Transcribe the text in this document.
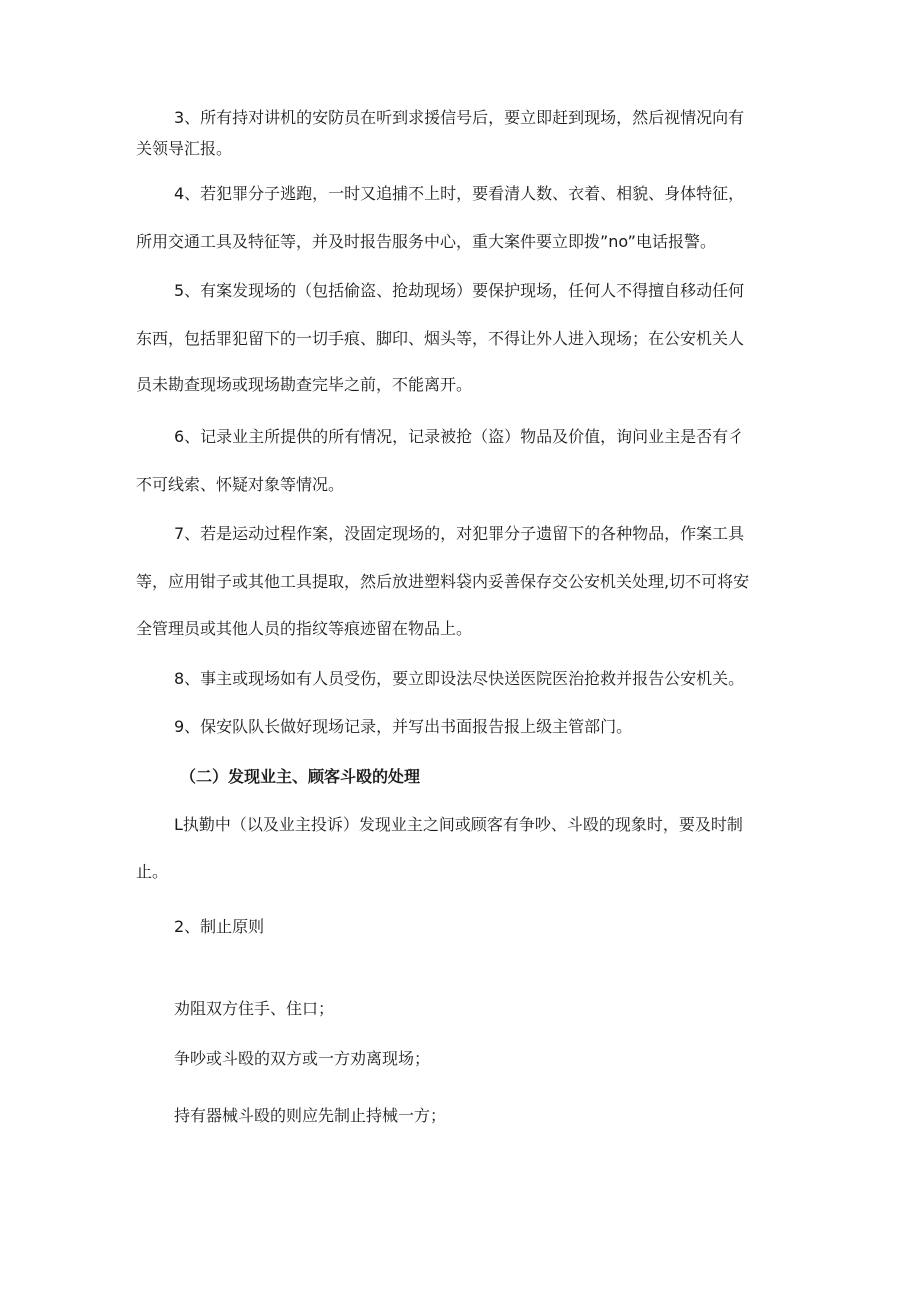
3、所有持对讲机的安防员在听到求援信号后，要立即赶到现场，然后视情况向有
关领导汇报。
4、若犯罪分子逃跑，一时又追捕不上时，要看清人数、衣着、相貌、身体特征，
所用交通工具及特征等，并及时报告服务中心，重大案件要立即拨”no”电话报警。
5、有案发现场的（包括偷盗、抢劫现场）要保护现场，任何人不得擅自移动任何
东西，包括罪犯留下的一切手痕、脚印、烟头等，不得让外人进入现场；在公安机关人
员未勘查现场或现场勘查完毕之前，不能离开。
6、记录业主所提供的所有情况，记录被抢（盗）物品及价值，询问业主是否有彳
不可线索、怀疑对象等情况。
7、若是运动过程作案，没固定现场的，对犯罪分子遗留下的各种物品，作案工具
等，应用钳子或其他工具提取，然后放进塑料袋内妥善保存交公安机关处理,切不可将安
全管理员或其他人员的指纹等痕迹留在物品上。
8、事主或现场如有人员受伤，要立即设法尽快送医院医治抢救并报告公安机关。
9、保安队队长做好现场记录，并写出书面报告报上级主管部门。
（二）发现业主、顾客斗殴的处理
L执勤中（以及业主投诉）发现业主之间或顾客有争吵、斗殴的现象时，要及时制
止。
2、制止原则
劝阻双方住手、住口；
争吵或斗殴的双方或一方劝离现场；
持有器械斗殴的则应先制止持械一方；
